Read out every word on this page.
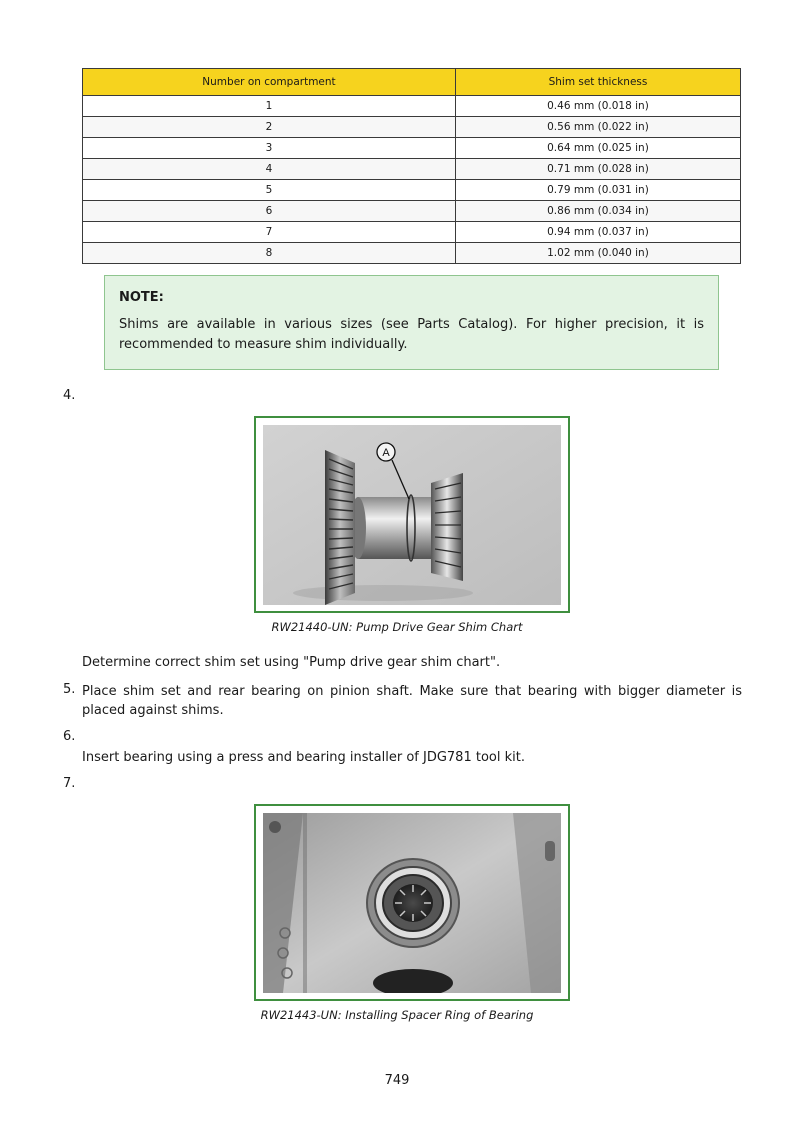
Number on compartment	Shim set thickness
1	0.46 mm (0.018 in)
2	0.56 mm (0.022 in)
3	0.64 mm (0.025 in)
4	0.71 mm (0.028 in)
5	0.79 mm (0.031 in)
6	0.86 mm (0.034 in)
7	0.94 mm (0.037 in)
8	1.02 mm (0.040 in)
NOTE:
Shims are available in various sizes (see Parts Catalog). For higher precision, it is recommended to measure shim individually.
4.
A
RW21440-UN: Pump Drive Gear Shim Chart
Determine correct shim set using "Pump drive gear shim chart".
5. Place shim set and rear bearing on pinion shaft. Make sure that bearing with bigger diameter is placed against shims.
6.
Insert bearing using a press and bearing installer of JDG781 tool kit.
7.
RW21443-UN: Installing Spacer Ring of Bearing
749
